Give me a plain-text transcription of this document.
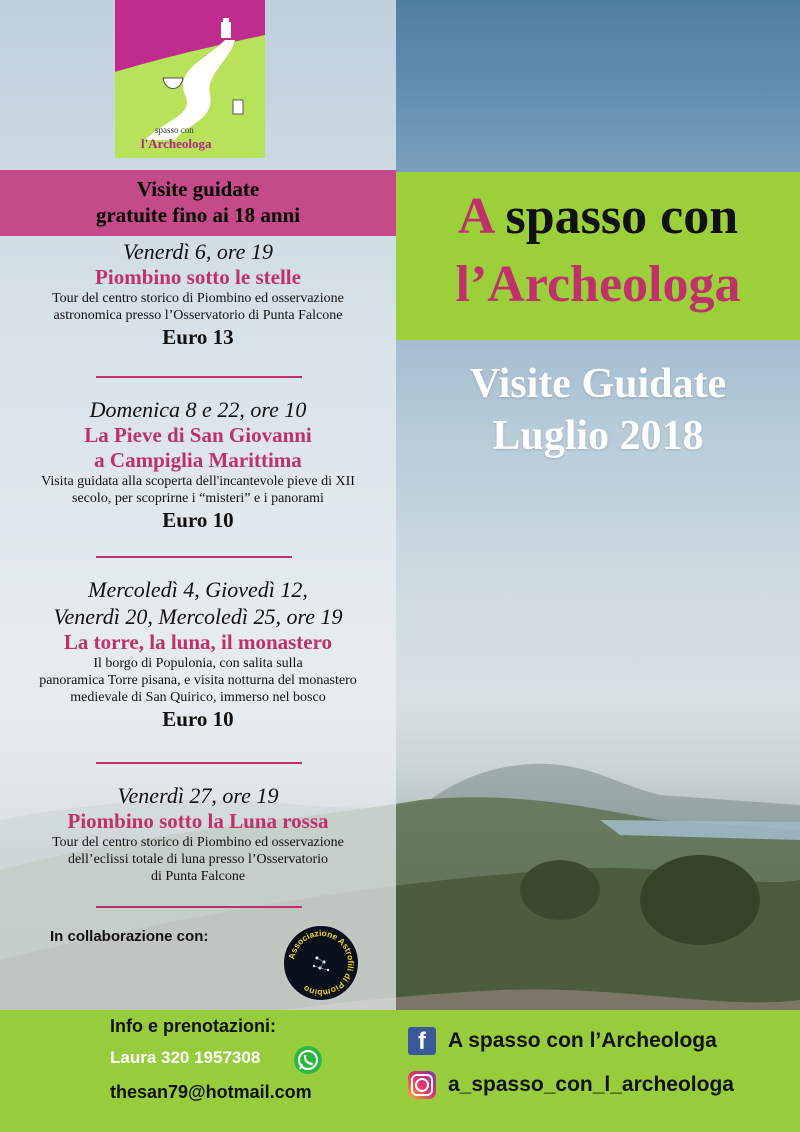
spasso con
l'Archeologa
Visite guidate
gratuite fino ai 18 anni
Venerdì 6, ore 19
Piombino sotto le stelle
Tour del centro storico di Piombino ed osservazione
astronomica presso l’Osservatorio di Punta Falcone
Euro 13
Domenica 8 e 22, ore 10
La Pieve di San Giovanni
a Campiglia Marittima
Visita guidata alla scoperta dell'incantevole pieve di XII
secolo, per scoprirne i “misteri” e i panorami
Euro 10
Mercoledì 4, Giovedì 12,
Venerdì 20, Mercoledì 25, ore 19
La torre, la luna, il monastero
Il borgo di Populonia, con salita sulla
panoramica Torre pisana, e visita notturna del monastero
medievale di San Quirico, immerso nel bosco
Euro 10
Venerdì 27, ore 19
Piombino sotto la Luna rossa
Tour del centro storico di Piombino ed osservazione
dell’eclissi totale di luna presso l’Osservatorio
di Punta Falcone
In collaborazione con:
Associazione Astrofili di Piombino
A spasso con
l’Archeologa
Visite Guidate
Luglio 2018
Info e prenotazioni:
Laura 320 1957308
thesan79@hotmail.com
f	A spasso con l’Archeologa
a_spasso_con_l_archeologa
